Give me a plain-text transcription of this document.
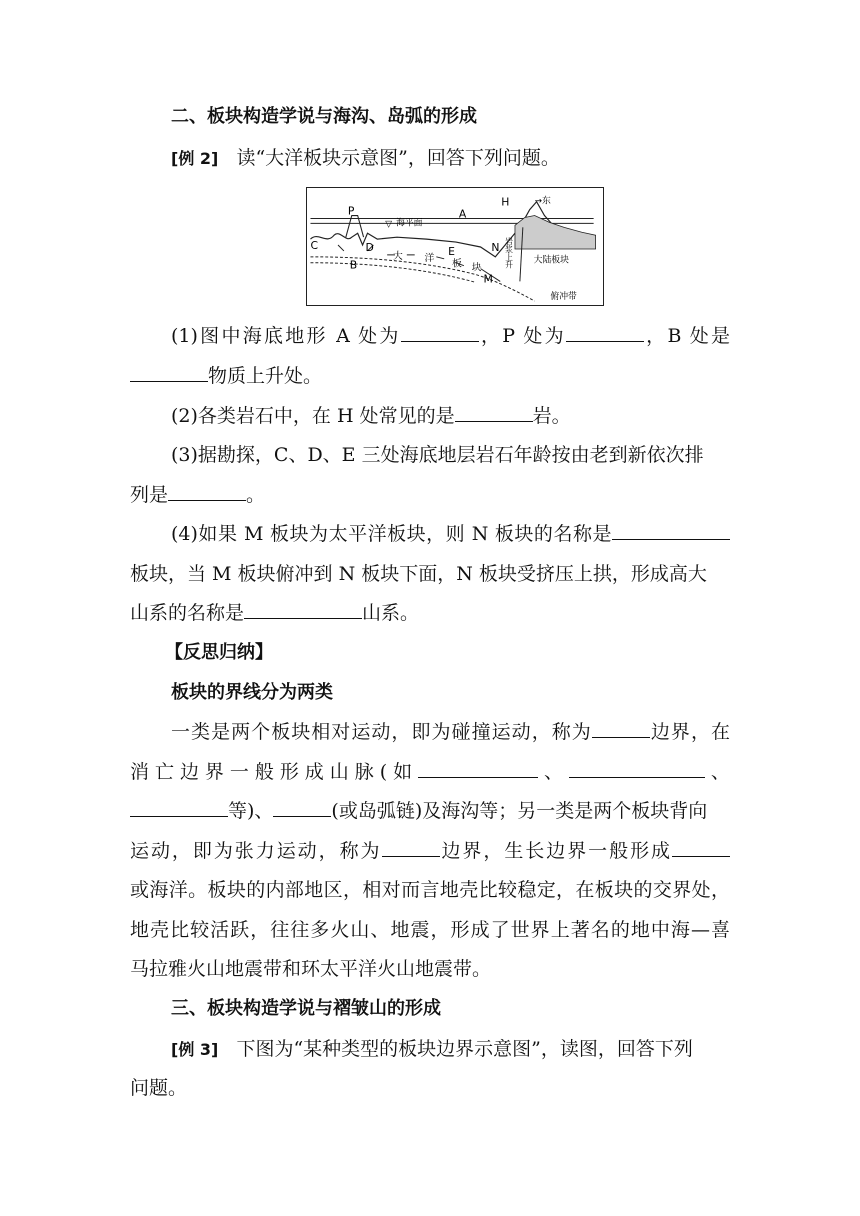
二、板块构造学说与海沟、岛弧的形成
[例 2] 读“大洋板块示意图”，回答下列问题。
P
▽ 海平面
A
H	→东
C
B
D
大 洋
E
板 块
N
M
岩浆上升 大陆板块
俯冲带
(1)图中海底地形 A 处为	，P 处为	，B 处是
物质上升处。
(2)各类岩石中，在 H 处常见的是	岩。
(3)据勘探，C、D、E 三处海底地层岩石年龄按由老到新依次排
列是	。
(4)如果 M 板块为太平洋板块，则 N 板块的名称是
板块，当 M 板块俯冲到 N 板块下面，N 板块受挤压上拱，形成高大
山系的名称是	山系。
【反思归纳】
板块的界线分为两类
一类是两个板块相对运动，即为碰撞运动，称为	边界，在
消 亡 边 界 一 般 形 成 山 脉 ( 如	、	、
等)、	(或岛弧链)及海沟等；另一类是两个板块背向
运动，即为张力运动，称为	边界，生长边界一般形成
或海洋。板块的内部地区，相对而言地壳比较稳定，在板块的交界处，
地壳比较活跃，往往多火山、地震，形成了世界上著名的地中海—喜
马拉雅火山地震带和环太平洋火山地震带。
三、板块构造学说与褶皱山的形成
[例 3] 下图为“某种类型的板块边界示意图”，读图，回答下列
问题。
